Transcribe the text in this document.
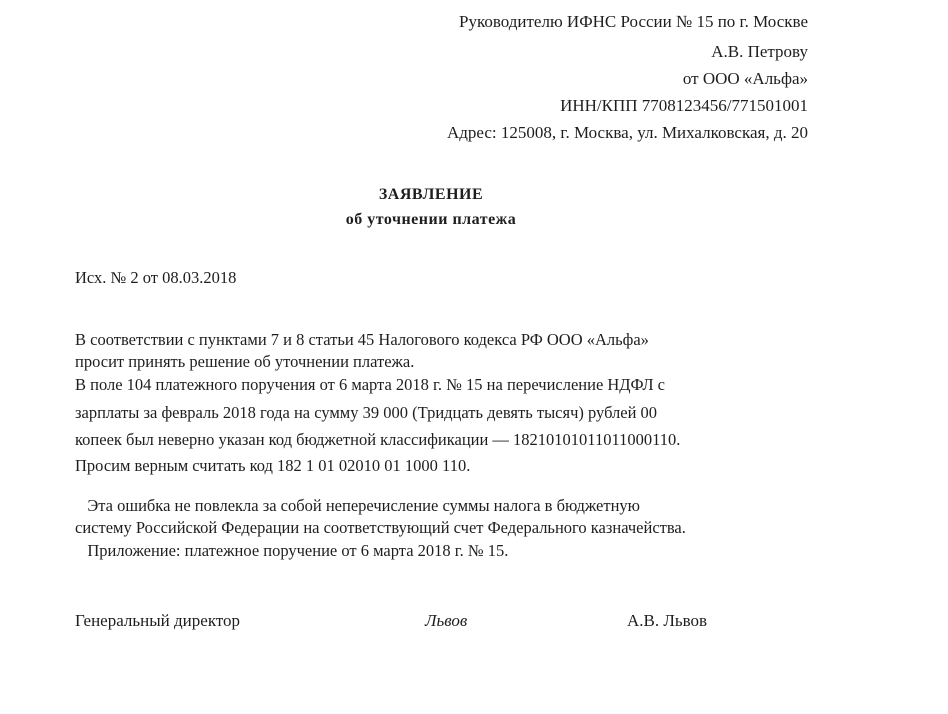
Руководителю ИФНС России № 15 по г. Москве
А.В. Петрову
от ООО «Альфа»
ИНН/КПП 7708123456/771501001
Адрес: 125008, г. Москва, ул. Михалковская, д. 20
ЗАЯВЛЕНИЕ
об уточнении платежа
Исх. № 2 от 08.03.2018
В соответствии с пунктами 7 и 8 статьи 45 Налогового кодекса РФ ООО «Альфа»
просит принять решение об уточнении платежа.
В поле 104 платежного поручения от 6 марта 2018 г. № 15 на перечисление НДФЛ с
зарплаты за февраль 2018 года на сумму 39 000 (Тридцать девять тысяч) рублей 00
копеек был неверно указан код бюджетной классификации — 18210101011011000110.
Просим верным считать код 182 1 01 02010 01 1000 110.
Эта ошибка не повлекла за собой неперечисление суммы налога в бюджетную
системy Российской Федерации на соответствующий счет Федерального казначейства.
Приложение: платежное поручение от 6 марта 2018 г. № 15.
Генеральный директор	Львов	А.В. Львов
